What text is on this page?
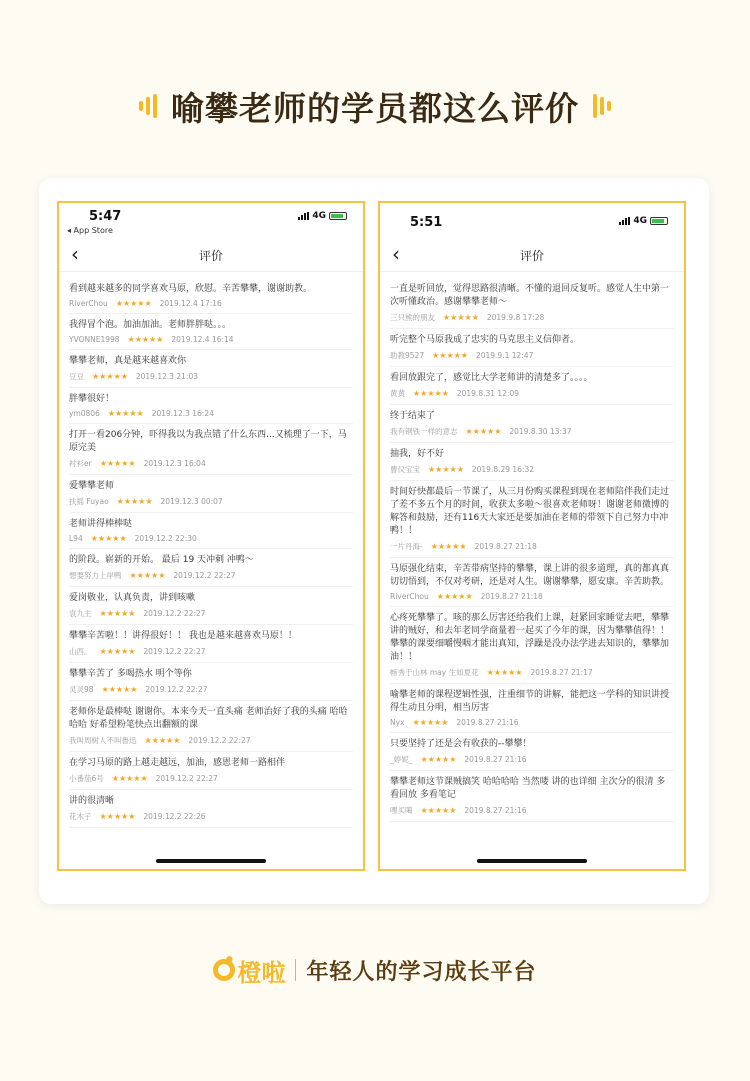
喻攀老师的学员都这么评价
5:47
◂ App Store
4G
‹	评价
看到越来越多的同学喜欢马原，欣慰。辛苦攀攀，谢谢助教。
RiverChou ★★★★★ 2019.12.4 17:16
我得冒个泡。加油加油。老师胖胖哒。。。
YVONNE1998 ★★★★★ 2019.12.4 16:14
攀攀老师，真是越来越喜欢你
豆豆 ★★★★★ 2019.12.3 21:03
胖攀很好！
ym0806 ★★★★★ 2019.12.3 16:24
打开一看206分钟，吓得我以为我点错了什么东西...又梳理了一下，马原完美
衬衫er ★★★★★ 2019.12.3 16:04
爱攀攀老师
扶摇 Fuyao ★★★★★ 2019.12.3 00:07
老师讲得棒棒哒
L94 ★★★★★ 2019.12.2 22:30
的阶段。崭新的开始。 最后 19 天冲刺 冲鸭～
想要努力上岸鸭 ★★★★★ 2019.12.2 22:27
爱岗敬业，认真负责，讲到咳嗽
袁九主 ★★★★★ 2019.12.2 22:27
攀攀辛苦啦！！讲得很好！！ 我也是越来越喜欢马原！！
山西。 ★★★★★ 2019.12.2 22:27
攀攀辛苦了 多喝热水 明个等你
灵灵98 ★★★★★ 2019.12.2 22:27
老师你是最棒哒 谢谢你。本来今天一直头痛 老师治好了我的头痛 哈哈哈哈 好希望粉笔快点出翻额的课
我叫周树人不叫鲁迅 ★★★★★ 2019.12.2 22:27
在学习马原的路上越走越远，加油，感恩老师一路相伴
小番茄6号 ★★★★★ 2019.12.2 22:27
讲的很清晰
花木子 ★★★★★ 2019.12.2 22:26
5:51	4G
‹	评价
一直是听回放，觉得思路很清晰。不懂的退回反复听。感觉人生中第一次听懂政治。感谢攀攀老师～
三只熊的朋友 ★★★★★ 2019.9.8 17:28
听完整个马原我成了忠实的马克思主义信仰者。
助教9527 ★★★★★ 2019.9.1 12:47
看回放跟完了，感觉比大学老师讲的清楚多了。。。。
黄黄 ★★★★★ 2019.8.31 12:09
终于结束了
我有钢铁一样的意志 ★★★★★ 2019.8.30 13:37
抽我，好不好
曹仪宝宝 ★★★★★ 2019.8.29 16:32
时间好快都最后一节课了，从三月份购买课程到现在老师陪伴我们走过了差不多五个月的时间，收获太多啦～很喜欢老师呀！谢谢老师微博的解答和鼓励，还有116天大家还是要加油在老师的带领下自己努力中冲鸭！！
一片丹海- ★★★★★ 2019.8.27 21:18
马原强化结束，辛苦带病坚持的攀攀，课上讲的很多道理，真的都真真切切悟到，不仅对考研，还是对人生。谢谢攀攀，愿安康。辛苦助教。
RiverChou ★★★★★ 2019.8.27 21:18
心疼死攀攀了。咳的那么厉害还给我们上课，赶紧回家睡觉去吧，攀攀讲的贼好，和去年老同学商量着一起买了今年的课，因为攀攀值得！！攀攀的课要细嚼慢咽才能出真知，浮躁是没办法学进去知识的，攀攀加油！！
畅秀于山林 may 生如夏花 ★★★★★ 2019.8.27 21:17
喻攀老师的课程逻辑性强，注重细节的讲解，能把这一学科的知识讲授得生动且分明，相当厉害
Nyx ★★★★★ 2019.8.27 21:16
只要坚持了还是会有收获的--攀攀！
_婷妮_ ★★★★★ 2019.8.27 21:16
攀攀老师这节课贼搞笑 哈哈哈哈 当然喽 讲的也详细 主次分的很清 多看回放 多看笔记
嘿买噶 ★★★★★ 2019.8.27 21:16
橙啦 年轻人的学习成长平台
